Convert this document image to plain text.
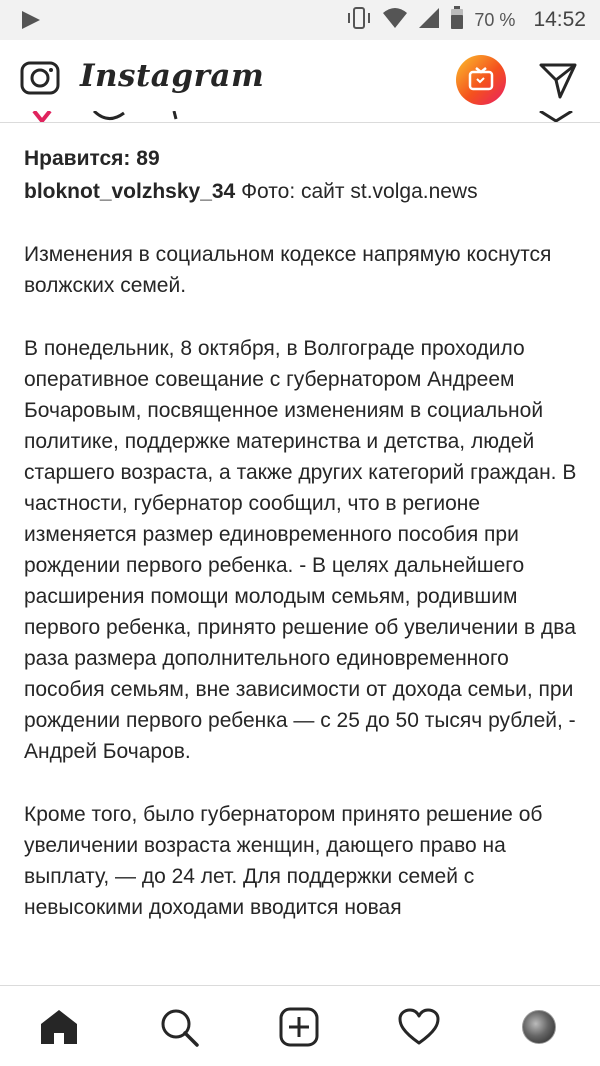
70 % 14:52
Instagram
Нравится: 89
bloknot_volzhsky_34 Фото: сайт st.volga.news

Изменения в социальном кодексе напрямую коснутся волжских семей.

В понедельник, 8 октября, в Волгограде проходило оперативное совещание с губернатором Андреем Бочаровым, посвященное изменениям в социальной политике, поддержке материнства и детства, людей старшего возраста, а также других категорий граждан. В частности, губернатор сообщил, что в регионе изменяется размер единовременного пособия при рождении первого ребенка. - В целях дальнейшего расширения помощи молодым семьям, родившим первого ребенка, принято решение об увеличении в два раза размера дополнительного единовременного пособия семьям, вне зависимости от дохода семьи, при рождении первого ребенка — с 25 до 50 тысяч рублей, - Андрей Бочаров.

Кроме того, было губернатором принято решение об увеличении возраста женщин, дающего право на выплату, — до 24 лет. Для поддержки семей с невысокими доходами вводится новая
